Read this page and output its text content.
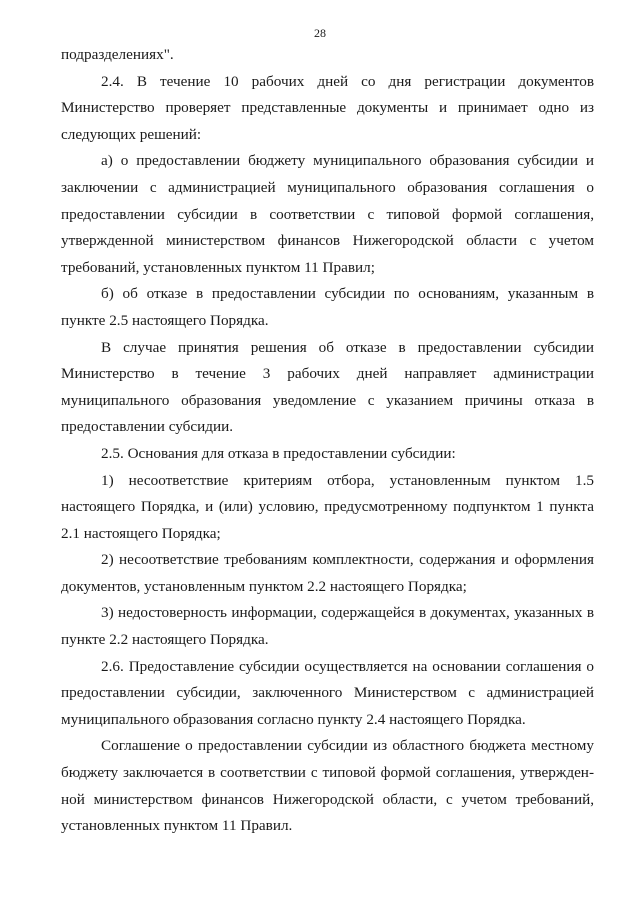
28

подразделениях".

2.4. В течение 10 рабочих дней со дня регистрации документов Министерство проверяет представленные документы и принимает одно из следующих решений:

а) о предоставлении бюджету муниципального образования субсидии и заключении с администрацией муниципального образования соглашения о предоставлении субсидии в соответствии с типовой формой соглашения, утвержденной министерством финансов Нижегородской области с учетом требований, установленных пунктом 11 Правил;

б) об отказе в предоставлении субсидии по основаниям, указанным в пункте 2.5 настоящего Порядка.

В случае принятия решения об отказе в предоставлении субсидии Министерство в течение 3 рабочих дней направляет администрации муниципального образования уведомление с указанием причины отказа в предоставлении субсидии.

2.5. Основания для отказа в предоставлении субсидии:

1) несоответствие критериям отбора, установленным пунктом 1.5 настоящего Порядка, и (или) условию, предусмотренному подпунктом 1 пункта 2.1 настоящего Порядка;

2) несоответствие требованиям комплектности, содержания и оформления документов, установленным пунктом 2.2 настоящего Порядка;

3) недостоверность информации, содержащейся в документах, указанных в пункте 2.2 настоящего Порядка.

2.6. Предоставление субсидии осуществляется на основании соглашения о предоставлении субсидии, заключенного Министерством с администрацией муниципального образования согласно пункту 2.4 настоящего Порядка.

Соглашение о предоставлении субсидии из областного бюджета местному бюджету заключается в соответствии с типовой формой соглашения, утвержденной министерством финансов Нижегородской области, с учетом требований, установленных пунктом 11 Правил.
